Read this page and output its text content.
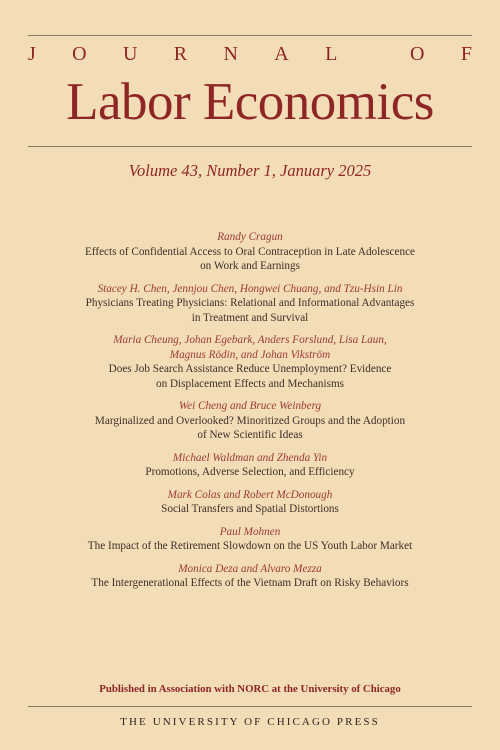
J O U R N A L	O F
Labor Economics
Volume 43, Number 1, January 2025
Randy Cragun
Effects of Confidential Access to Oral Contraception in Late Adolescence
on Work and Earnings
Stacey H. Chen, Jennjou Chen, Hongwei Chuang, and Tzu-Hsin Lin
Physicians Treating Physicians: Relational and Informational Advantages
in Treatment and Survival
Maria Cheung, Johan Egebark, Anders Forslund, Lisa Laun,
Magnus Rödin, and Johan Vikström
Does Job Search Assistance Reduce Unemployment? Evidence
on Displacement Effects and Mechanisms
Wei Cheng and Bruce Weinberg
Marginalized and Overlooked? Minoritized Groups and the Adoption
of New Scientific Ideas
Michael Waldman and Zhenda Yin
Promotions, Adverse Selection, and Efficiency
Mark Colas and Robert McDonough
Social Transfers and Spatial Distortions
Paul Mohnen
The Impact of the Retirement Slowdown on the US Youth Labor Market
Monica Deza and Alvaro Mezza
The Intergenerational Effects of the Vietnam Draft on Risky Behaviors
Published in Association with NORC at the University of Chicago
THE UNIVERSITY OF CHICAGO PRESS
